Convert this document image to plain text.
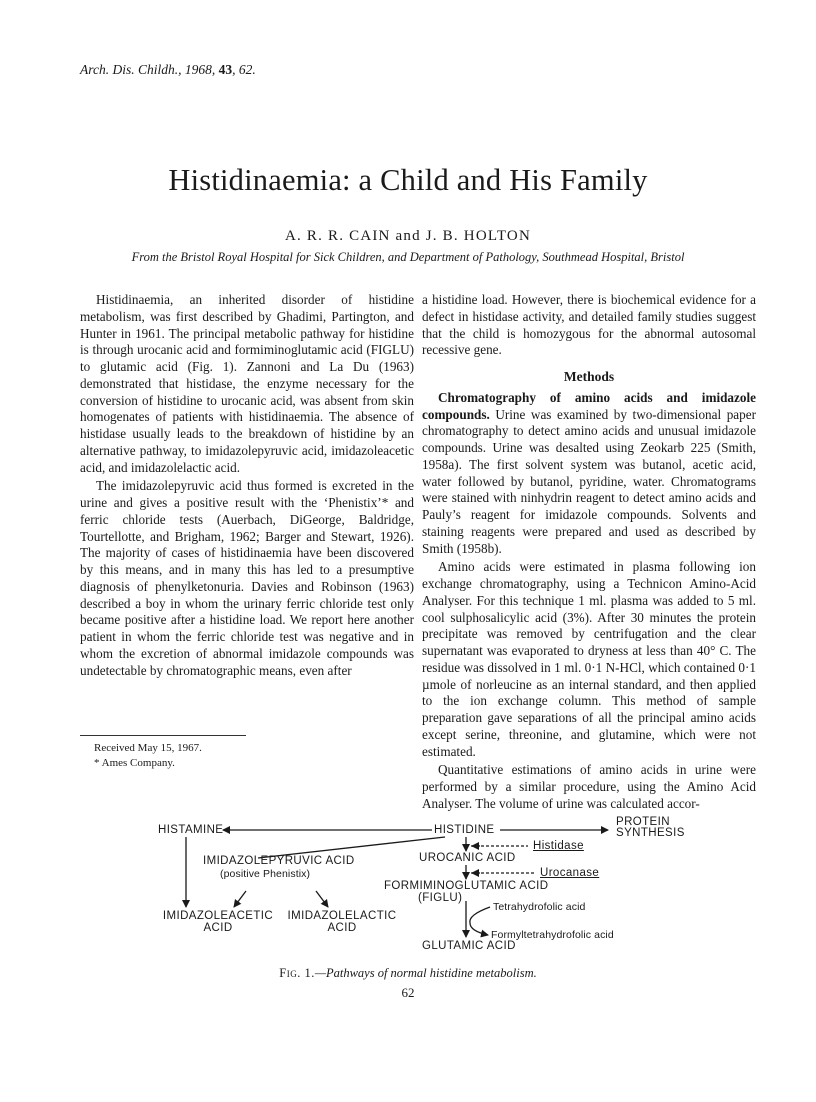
Arch. Dis. Childh., 1968, 43, 62.
Histidinaemia: a Child and His Family
A. R. R. CAIN and J. B. HOLTON
From the Bristol Royal Hospital for Sick Children, and Department of Pathology, Southmead Hospital, Bristol

Histidinaemia, an inherited disorder of histidine metabolism, was first described by Ghadimi, Partington, and Hunter in 1961. The principal metabolic pathway for histidine is through urocanic acid and formiminoglutamic acid (FIGLU) to glutamic acid (Fig. 1). Zannoni and La Du (1963) demonstrated that histidase, the enzyme necessary for the conversion of histidine to urocanic acid, was absent from skin homogenates of patients with histidinaemia. The absence of histidase usually leads to the breakdown of histidine by an alternative pathway, to imidazolepyruvic acid, imidazoleacetic acid, and imidazolelactic acid.

The imidazolepyruvic acid thus formed is excreted in the urine and gives a positive result with the ‘Phenistix’* and ferric chloride tests (Auerbach, DiGeorge, Baldridge, Tourtellotte, and Brigham, 1962; Barger and Stewart, 1926). The majority of cases of histidinaemia have been discovered by this means, and in many this has led to a presumptive diagnosis of phenylketonuria. Davies and Robinson (1963) described a boy in whom the urinary ferric chloride test only became positive after a histidine load. We report here another patient in whom the ferric chloride test was negative and in whom the excretion of abnormal imidazole compounds was undetectable by chromatographic means, even after

Received May 15, 1967.
* Ames Company.

a histidine load. However, there is biochemical evidence for a defect in histidase activity, and detailed family studies suggest that the child is homozygous for the abnormal autosomal recessive gene.

Methods

Chromatography of amino acids and imidazole compounds. Urine was examined by two-dimensional paper chromatography to detect amino acids and unusual imidazole compounds. Urine was desalted using Zeokarb 225 (Smith, 1958a). The first solvent system was butanol, acetic acid, water followed by butanol, pyridine, water. Chromatograms were stained with ninhydrin reagent to detect amino acids and Pauly’s reagent for imidazole compounds. Solvents and staining reagents were prepared and used as described by Smith (1958b).

Amino acids were estimated in plasma following ion exchange chromatography, using a Technicon Amino-Acid Analyser. For this technique 1 ml. plasma was added to 5 ml. cool sulphosalicylic acid (3%). After 30 minutes the protein precipitate was removed by centrifugation and the clear supernatant was evaporated to dryness at less than 40° C. The residue was dissolved in 1 ml. 0·1 N-HCl, which contained 0·1 µmole of norleucine as an internal standard, and then applied to the ion exchange column. This method of sample preparation gave separations of all the principal amino acids except serine, threonine, and glutamine, which were not estimated.

Quantitative estimations of amino acids in urine were performed by a similar procedure, using the Amino Acid Analyser. The volume of urine was calculated accor-

HISTAMINE	HISTIDINE
PROTEIN
SYNTHESIS
Histidase
IMIDAZOLEPYRUVIC ACID
(positive Phenistix)
UROCANIC ACID
Urocanase
FORMIMINOGLUTAMIC ACID
(FIGLU)
Tetrahydrofolic acid
Formyltetrahydrofolic acid
IMIDAZOLEACETIC
ACID
IMIDAZOLELACTIC
ACID
GLUTAMIC ACID
Fig. 1.—Pathways of normal histidine metabolism.
62
